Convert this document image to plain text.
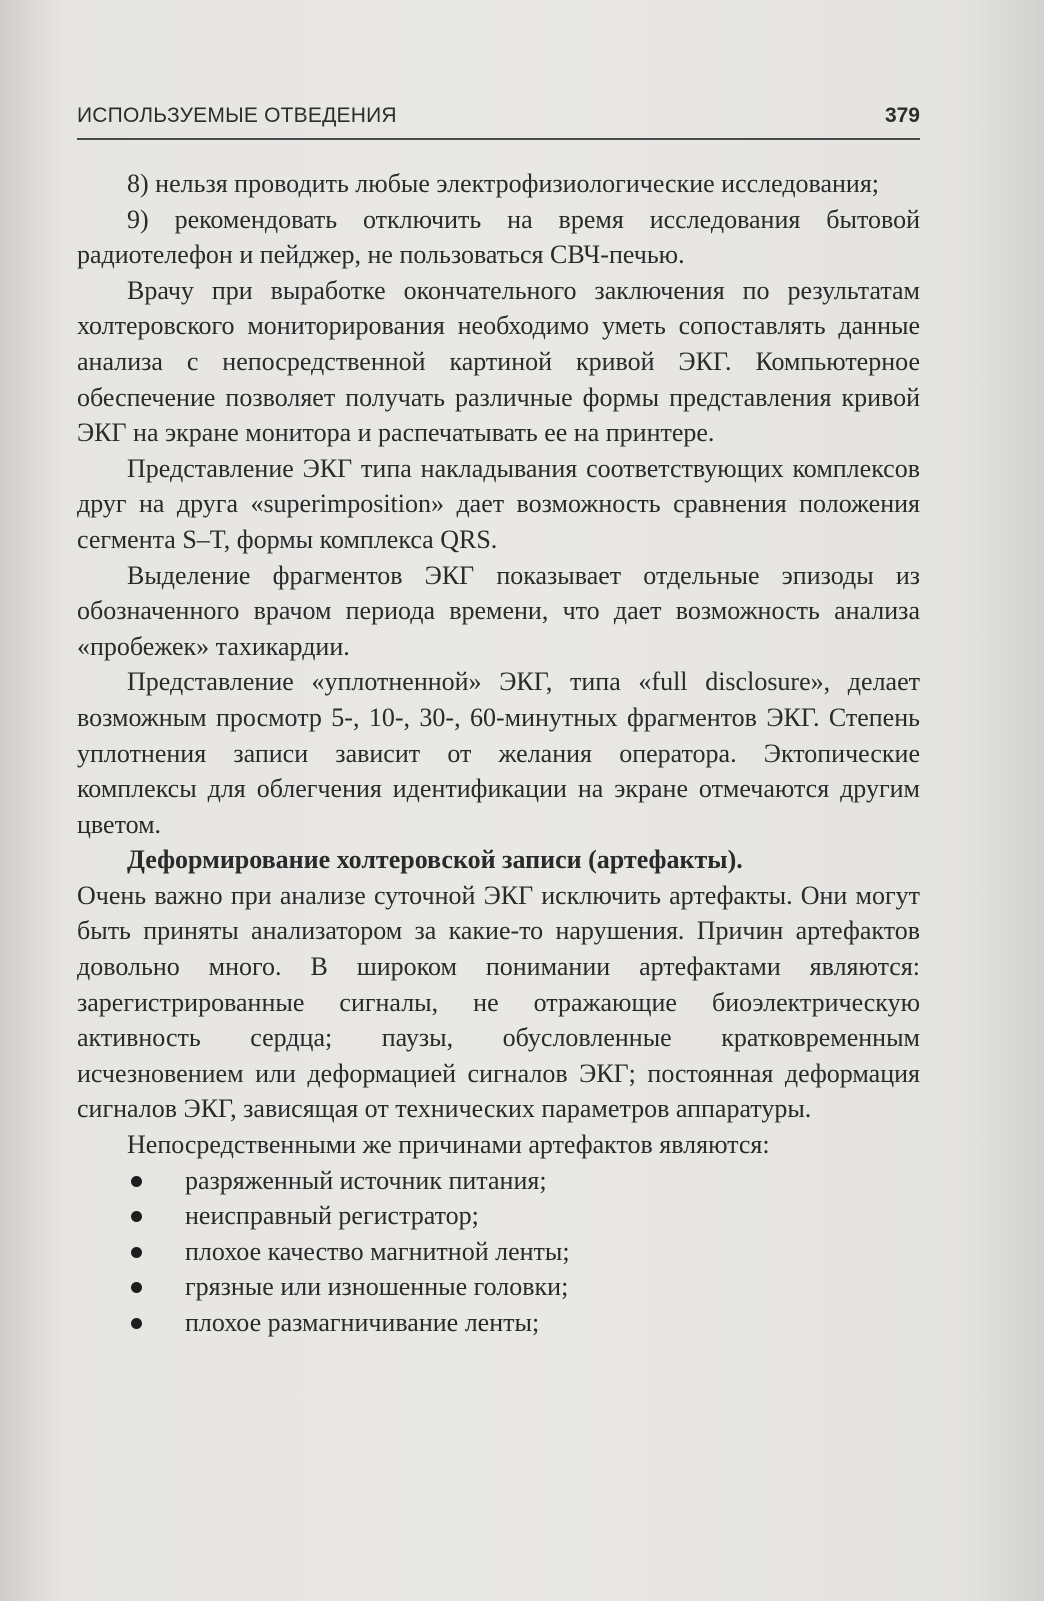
ИСПОЛЬЗУЕМЫЕ ОТВЕДЕНИЯ	379

8) нельзя проводить любые электрофизиологические исследования;

9) рекомендовать отключить на время исследования бытовой радиотелефон и пейджер, не пользоваться СВЧ-печью.

Врачу при выработке окончательного заключения по результатам холтеровского мониторирования необходимо уметь сопоставлять данные анализа с непосредственной картиной кривой ЭКГ. Компьютерное обеспечение позволяет получать различные формы представления кривой ЭКГ на экране монитора и распечатывать ее на принтере.

Представление ЭКГ типа накладывания соответствующих комплексов друг на друга «superimposition» дает возможность сравнения положения сегмента S–T, формы комплекса QRS.

Выделение фрагментов ЭКГ показывает отдельные эпизоды из обозначенного врачом периода времени, что дает возможность анализа «пробежек» тахикардии.

Представление «уплотненной» ЭКГ, типа «full disclosure», делает возможным просмотр 5-, 10-, 30-, 60-минутных фрагментов ЭКГ. Степень уплотнения записи зависит от желания оператора. Эктопические комплексы для облегчения идентификации на экране отмечаются другим цветом.

Деформирование холтеровской записи (артефакты).
Очень важно при анализе суточной ЭКГ исключить артефакты. Они могут быть приняты анализатором за какие-то нарушения. Причин артефактов довольно много. В широком понимании артефактами являются: зарегистрированные сигналы, не отражающие биоэлектрическую активность сердца; паузы, обусловленные кратковременным исчезновением или деформацией сигналов ЭКГ; постоянная деформация сигналов ЭКГ, зависящая от технических параметров аппаратуры.

Непосредственными же причинами артефактов являются:

разряженный источник питания;
неисправный регистратор;
плохое качество магнитной ленты;
грязные или изношенные головки;
плохое размагничивание ленты;
